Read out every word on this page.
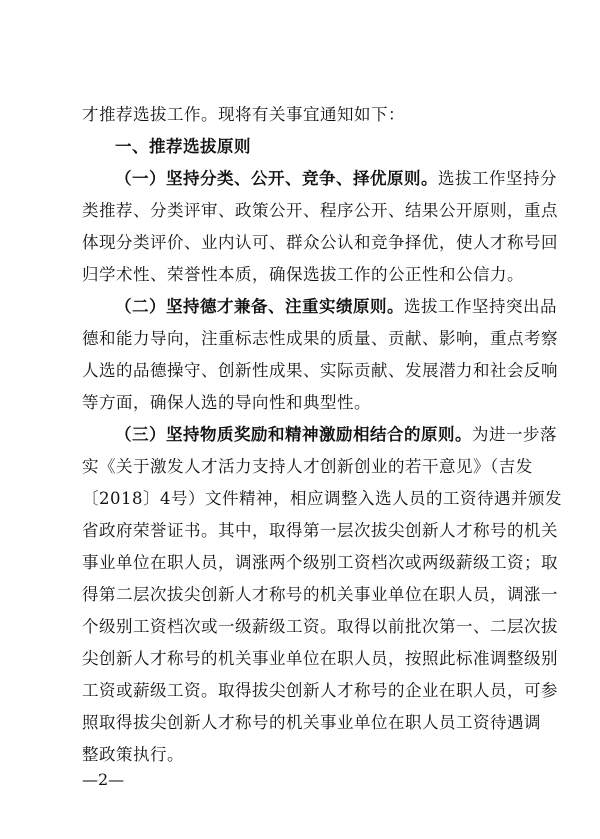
才推荐选拔工作。现将有关事宜通知如下：
一、推荐选拔原则
（一）坚持分类、公开、竞争、择优原则。选拔工作坚持分
类推荐、分类评审、政策公开、程序公开、结果公开原则，重点
体现分类评价、业内认可、群众公认和竞争择优，使人才称号回
归学术性、荣誉性本质，确保选拔工作的公正性和公信力。
（二）坚持德才兼备、注重实绩原则。选拔工作坚持突出品
德和能力导向，注重标志性成果的质量、贡献、影响，重点考察
人选的品德操守、创新性成果、实际贡献、发展潜力和社会反响
等方面，确保人选的导向性和典型性。
（三）坚持物质奖励和精神激励相结合的原则。为进一步落
实《关于激发人才活力支持人才创新创业的若干意见》（吉发
〔2018〕4号）文件精神，相应调整入选人员的工资待遇并颁发
省政府荣誉证书。其中，取得第一层次拔尖创新人才称号的机关
事业单位在职人员，调涨两个级别工资档次或两级薪级工资；取
得第二层次拔尖创新人才称号的机关事业单位在职人员，调涨一
个级别工资档次或一级薪级工资。取得以前批次第一、二层次拔
尖创新人才称号的机关事业单位在职人员，按照此标准调整级别
工资或薪级工资。取得拔尖创新人才称号的企业在职人员，可参
照取得拔尖创新人才称号的机关事业单位在职人员工资待遇调
整政策执行。
—2—
